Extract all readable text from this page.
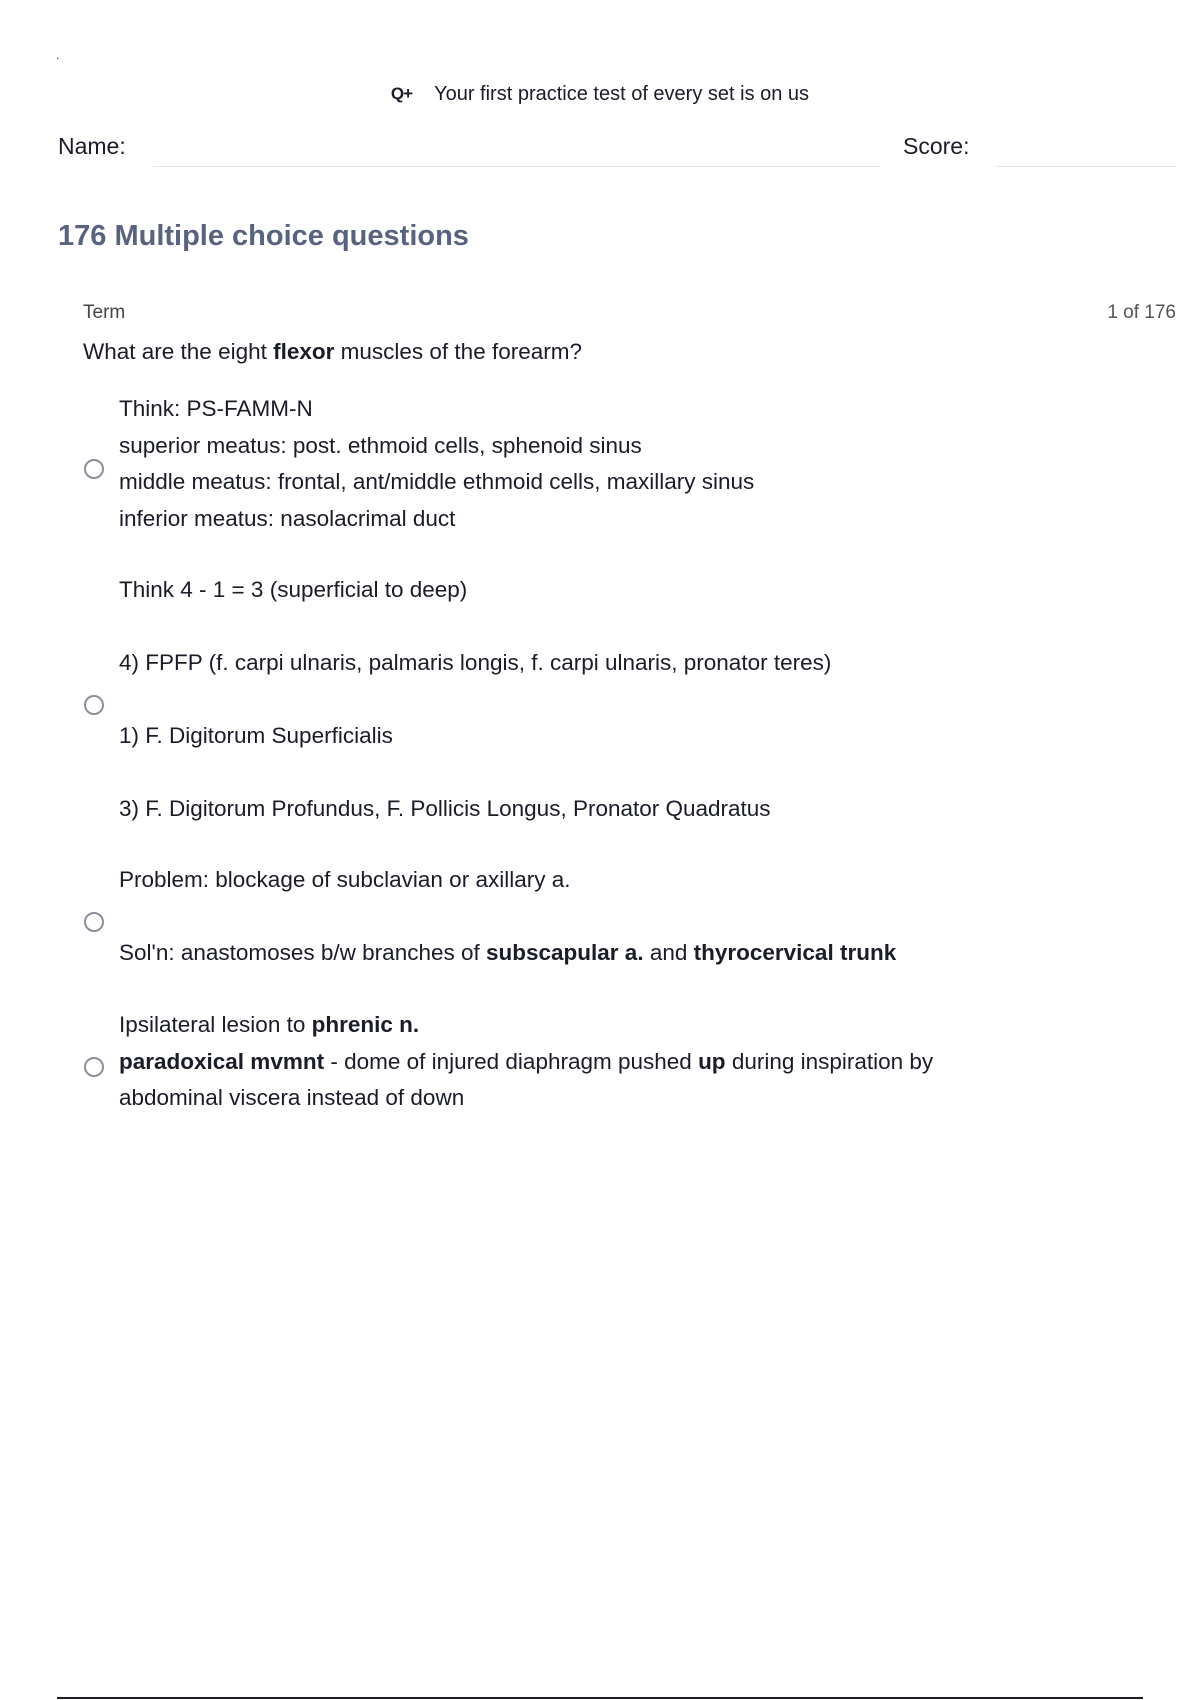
.
Q+ Your first practice test of every set is on us
Name:	Score:
176 Multiple choice questions
Term	1 of 176
What are the eight flexor muscles of the forearm?
Think: PS-FAMM-N
superior meatus: post. ethmoid cells, sphenoid sinus
middle meatus: frontal, ant/middle ethmoid cells, maxillary sinus
inferior meatus: nasolacrimal duct
Think 4 - 1 = 3 (superficial to deep)
4) FPFP (f. carpi ulnaris, palmaris longis, f. carpi ulnaris, pronator teres)
1) F. Digitorum Superficialis
3) F. Digitorum Profundus, F. Pollicis Longus, Pronator Quadratus
Problem: blockage of subclavian or axillary a.
Sol'n: anastomoses b/w branches of subscapular a. and thyrocervical trunk
Ipsilateral lesion to phrenic n.
paradoxical mvmnt - dome of injured diaphragm pushed up during inspiration by
abdominal viscera instead of down
